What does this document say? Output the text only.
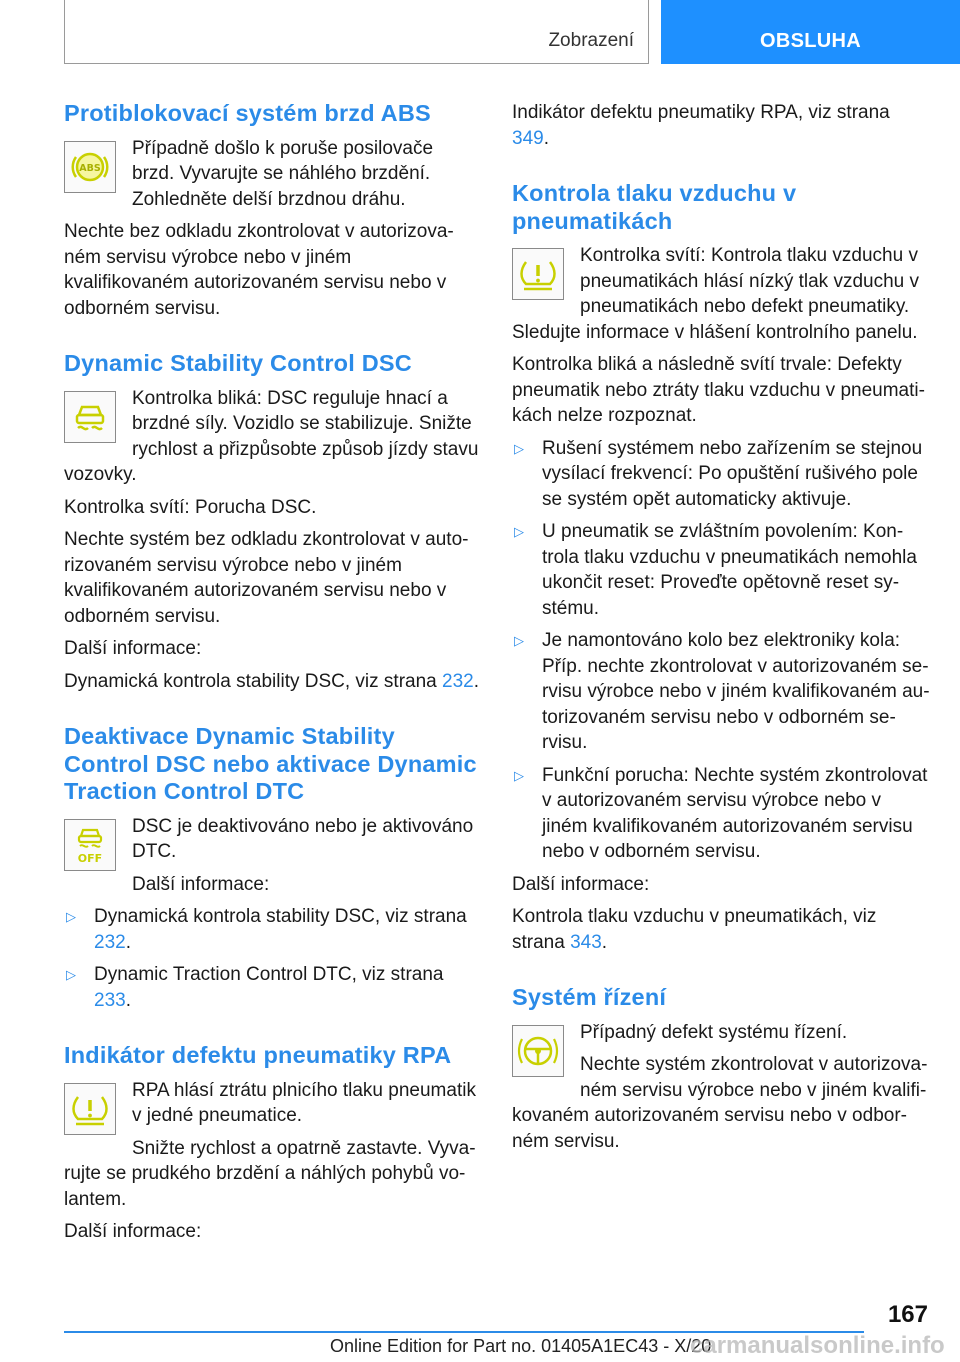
Zobrazení	OBSLUHA
Protiblokovací systém brzd ABS
ABS

Případně došlo k poruše posilovače brzd. Vyvarujte se náhlého brzdění. Zohledněte delší brzdnou dráhu.

Nechte bez odkladu zkontrolovat v autorizovaném servisu výrobce nebo v jiném kvalifikovaném autorizovaném servisu nebo v odborném servisu.

Dynamic Stability Control DSC

Kontrolka bliká: DSC reguluje hnací a brzdné síly. Vozidlo se stabilizuje. Snižte rychlost a přizpůsobte způsob jízdy stavu vozovky.

Kontrolka svítí: Porucha DSC.

Nechte systém bez odkladu zkontrolovat v autorizovaném servisu výrobce nebo v jiném kvalifikovaném autorizovaném servisu nebo v odborném servisu.

Další informace:

Dynamická kontrola stability DSC, viz strana 232.

Deaktivace Dynamic Stability Control DSC nebo aktivace Dynamic Traction Control DTC
OFF

DSC je deaktivováno nebo je aktivováno DTC.

Další informace:

▷ Dynamická kontrola stability DSC, viz strana 232.
▷ Dynamic Traction Control DTC, viz strana 233.
Indikátor defektu pneumatiky RPA

RPA hlásí ztrátu plnicího tlaku pneumatik v jedné pneumatice.

Snižte rychlost a opatrně zastavte. Vyvarujte se prudkého brzdění a náhlých pohybů volantem.

Další informace:

Indikátor defektu pneumatiky RPA, viz strana 349.

Kontrola tlaku vzduchu v pneumatikách

Kontrolka svítí: Kontrola tlaku vzduchu v pneumatikách hlásí nízký tlak vzduchu v pneumatikách nebo defekt pneumatiky. Sledujte informace v hlášení kontrolního panelu.

Kontrolka bliká a následně svítí trvale: Defekty pneumatik nebo ztráty tlaku vzduchu v pneumatikách nelze rozpoznat.

▷ Rušení systémem nebo zařízením se stejnou vysílací frekvencí: Po opuštění rušivého pole se systém opět automaticky aktivuje.
▷ U pneumatik se zvláštním povolením: Kontrola tlaku vzduchu v pneumatikách nemohla ukončit reset: Proveďte opětovně reset systému.
▷ Je namontováno kolo bez elektroniky kola: Příp. nechte zkontrolovat v autorizovaném servisu výrobce nebo v jiném kvalifikovaném autorizovaném servisu nebo v odborném servisu.
▷ Funkční porucha: Nechte systém zkontrolovat v autorizovaném servisu výrobce nebo v jiném kvalifikovaném autorizovaném servisu nebo v odborném servisu.

Další informace:

Kontrola tlaku vzduchu v pneumatikách, viz strana 343.

Systém řízení

Případný defekt systému řízení.

Nechte systém zkontrolovat v autorizovaném servisu výrobce nebo v jiném kvalifikovaném autorizovaném servisu nebo v odborném servisu.

167
Online Edition for Part no. 01405A1EC43 - X/20
carmanualsonline.info
